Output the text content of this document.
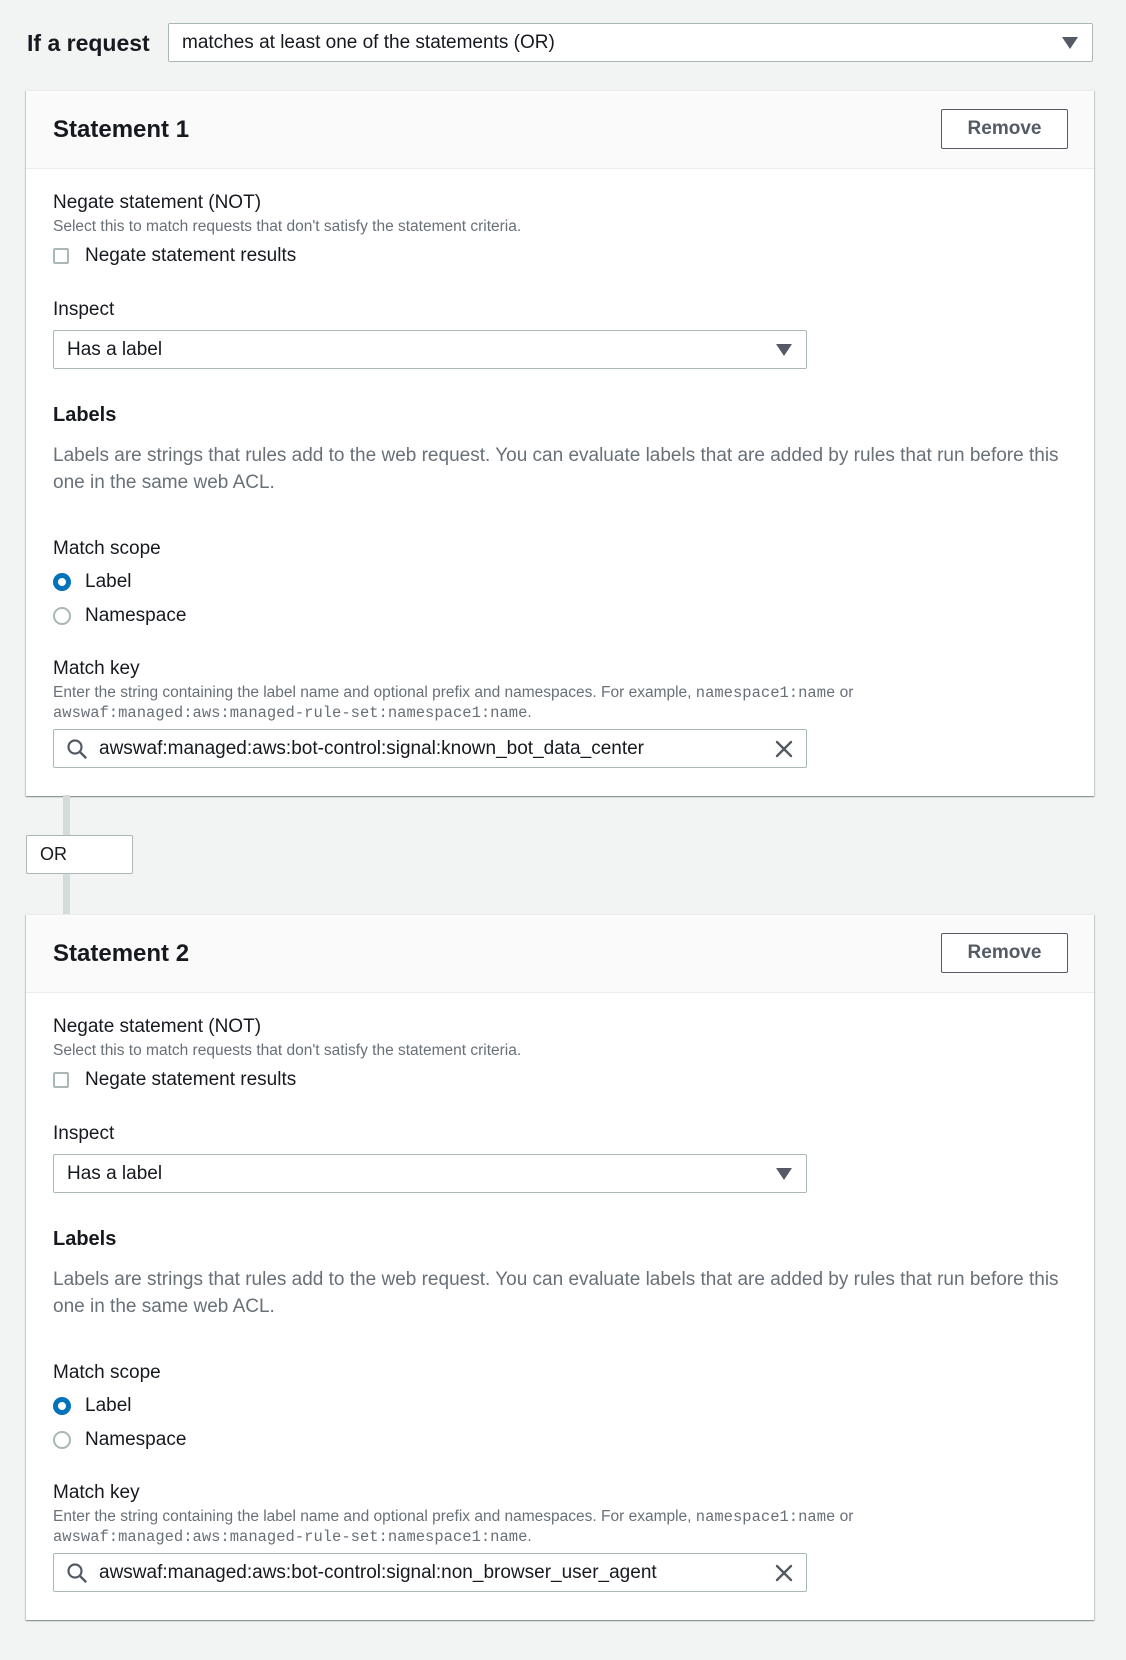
If a request matches at least one of the statements (OR)
Statement 1	Remove
Negate statement (NOT)
Select this to match requests that don't satisfy the statement criteria.
Negate statement results
Inspect
Has a label
Labels
Labels are strings that rules add to the web request. You can evaluate labels that are added by rules that run before this one in the same web ACL.
Match scope
Label
Namespace
Match key
Enter the string containing the label name and optional prefix and namespaces. For example, namespace1:name or
awswaf:managed:aws:managed-rule-set:namespace1:name.
awswaf:managed:aws:bot-control:signal:known_bot_data_center
OR
Statement 2	Remove
Negate statement (NOT)
Select this to match requests that don't satisfy the statement criteria.
Negate statement results
Inspect
Has a label
Labels
Labels are strings that rules add to the web request. You can evaluate labels that are added by rules that run before this one in the same web ACL.
Match scope
Label
Namespace
Match key
Enter the string containing the label name and optional prefix and namespaces. For example, namespace1:name or
awswaf:managed:aws:managed-rule-set:namespace1:name.
awswaf:managed:aws:bot-control:signal:non_browser_user_agent
